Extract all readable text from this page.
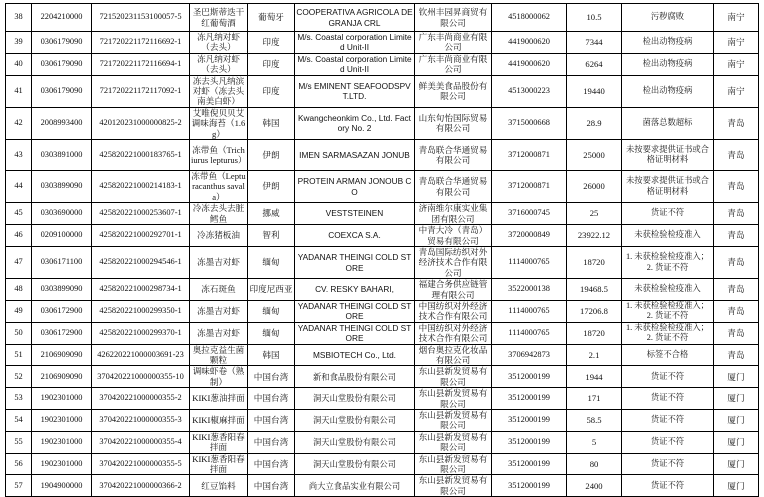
38	2204210000	721520231153100057-5	圣巴斯蒂迭干红葡萄酒	葡萄牙	COOPERATIVA AGRICOLA DE GRANJA CRL	钦州丰园昇商贸有限公司	4518000062	10.5	污秽腐败	南宁
39	0306179090	721720221172116692-1	冻凡纳对虾（去头）	印度	M/s. Coastal corporation Limited Unit-II	广东丰尚商业有限公司	4419000620	7344	检出动物疫病	南宁
40	0306179090	721720221172116694-1	冻凡纳对虾（去头）	印度	M/s. Coastal corporation Limited Unit-II	广东丰尚商业有限公司	4419000620	6264	检出动物疫病	南宁
41	0306179090	721720221172117092-1	冻去头凡纳滨对虾（冻去头南美白虾）	印度	M/s EMINENT SEAFOODSPVT.LTD.	鲜美美食品股份有限公司	4513000223	19440	检出动物疫病	南宁
42	2008993400	420120231000000825-2	艾唯倪贝贝艾调味海苔（1.6g）	韩国	Kwangcheonkim Co., Ltd. Factory No. 2	山东旬怡国际贸易有限公司	3715000668	28.9	菌落总数超标	青岛
43	0303891000	425820221000183765-1	冻带鱼（Trichiurus lepturus）	伊朗	IMEN SARMASAZAN JONUB	青岛联合华通贸易有限公司	3712000871	25000	未按要求提供证书或合格证明材料	青岛
44	0303899090	425820221000214183-1	冻带鱼（Lepturacanthus savala）	伊朗	PROTEIN ARMAN JONOUB CO	青岛联合华通贸易有限公司	3712000871	26000	未按要求提供证书或合格证明材料	青岛
45	0303690000	425820221000253607-1	冷冻去头去脏鳕鱼	挪威	VESTSTEINEN	济南维尔康实业集团有限公司	3716000745	25	货证不符	青岛
46	0209100000	425820221000292701-1	冷冻猪板油	智利	COEXCA S.A.	中青大冷（青岛）贸易有限公司	3720000849	23922.12	未获检验检疫准入	青岛
47	0306171100	425820221000294546-1	冻墨吉对虾	缅甸	YADANAR THEINGI COLD STORE	青岛国际纺织对外经济技术合作有限公司	1114000765	18720	1. 未获检验检疫准入；2. 货证不符	青岛
48	0303899090	425820221000298734-1	冻石斑鱼	印度尼西亚	CV. RESKY BAHARI,	福建合务供应链管理有限公司	3522000138	19468.5	未获检验检疫准入	青岛
49	0306172900	425820221000299350-1	冻墨吉对虾	缅甸	YADANAR THEINGI COLD STORE	中国纺织对外经济技术合作有限公司	1114000765	17206.8	1. 未获检验检疫准入；2. 货证不符	青岛
50	0306172900	425820221000299370-1	冻墨吉对虾	缅甸	YADANAR THEINGI COLD STORE	中国纺织对外经济技术合作有限公司	1114000765	18720	1. 未获检验检疫准入；2. 货证不符	青岛
51	2106909090	426220221000003691-23	奥拉克益生菌颗粒	韩国	MSBIOTECH Co., Ltd.	烟台奥拉克化妆品有限公司	3706942873	2.1	标签不合格	青岛
52	2106909090	370420221000000355-10	调味虾卷（熟制）	中国台湾	新和食品股份有限公司	东山县新发贸易有限公司	3512000199	1944	货证不符	厦门
53	1902301000	370420221000000355-2	KIKI葱油拌面	中国台湾	洞天山堂股份有限公司	东山县新发贸易有限公司	3512000199	171	货证不符	厦门
54	1902301000	370420221000000355-3	KIKI椒麻拌面	中国台湾	洞天山堂股份有限公司	东山县新发贸易有限公司	3512000199	58.5	货证不符	厦门
55	1902301000	370420221000000355-4	KIKI葱香阳春拌面	中国台湾	洞天山堂股份有限公司	东山县新发贸易有限公司	3512000199	5	货证不符	厦门
56	1902301000	370420221000000355-5	KIKI葱香阳春拌面	中国台湾	洞天山堂股份有限公司	东山县新发贸易有限公司	3512000199	80	货证不符	厦门
57	1904900000	370420221000000366-2	红豆馅料	中国台湾	尚大立食品实业有限公司	东山县新发贸易有限公司	3512000199	2400	货证不符	厦门
